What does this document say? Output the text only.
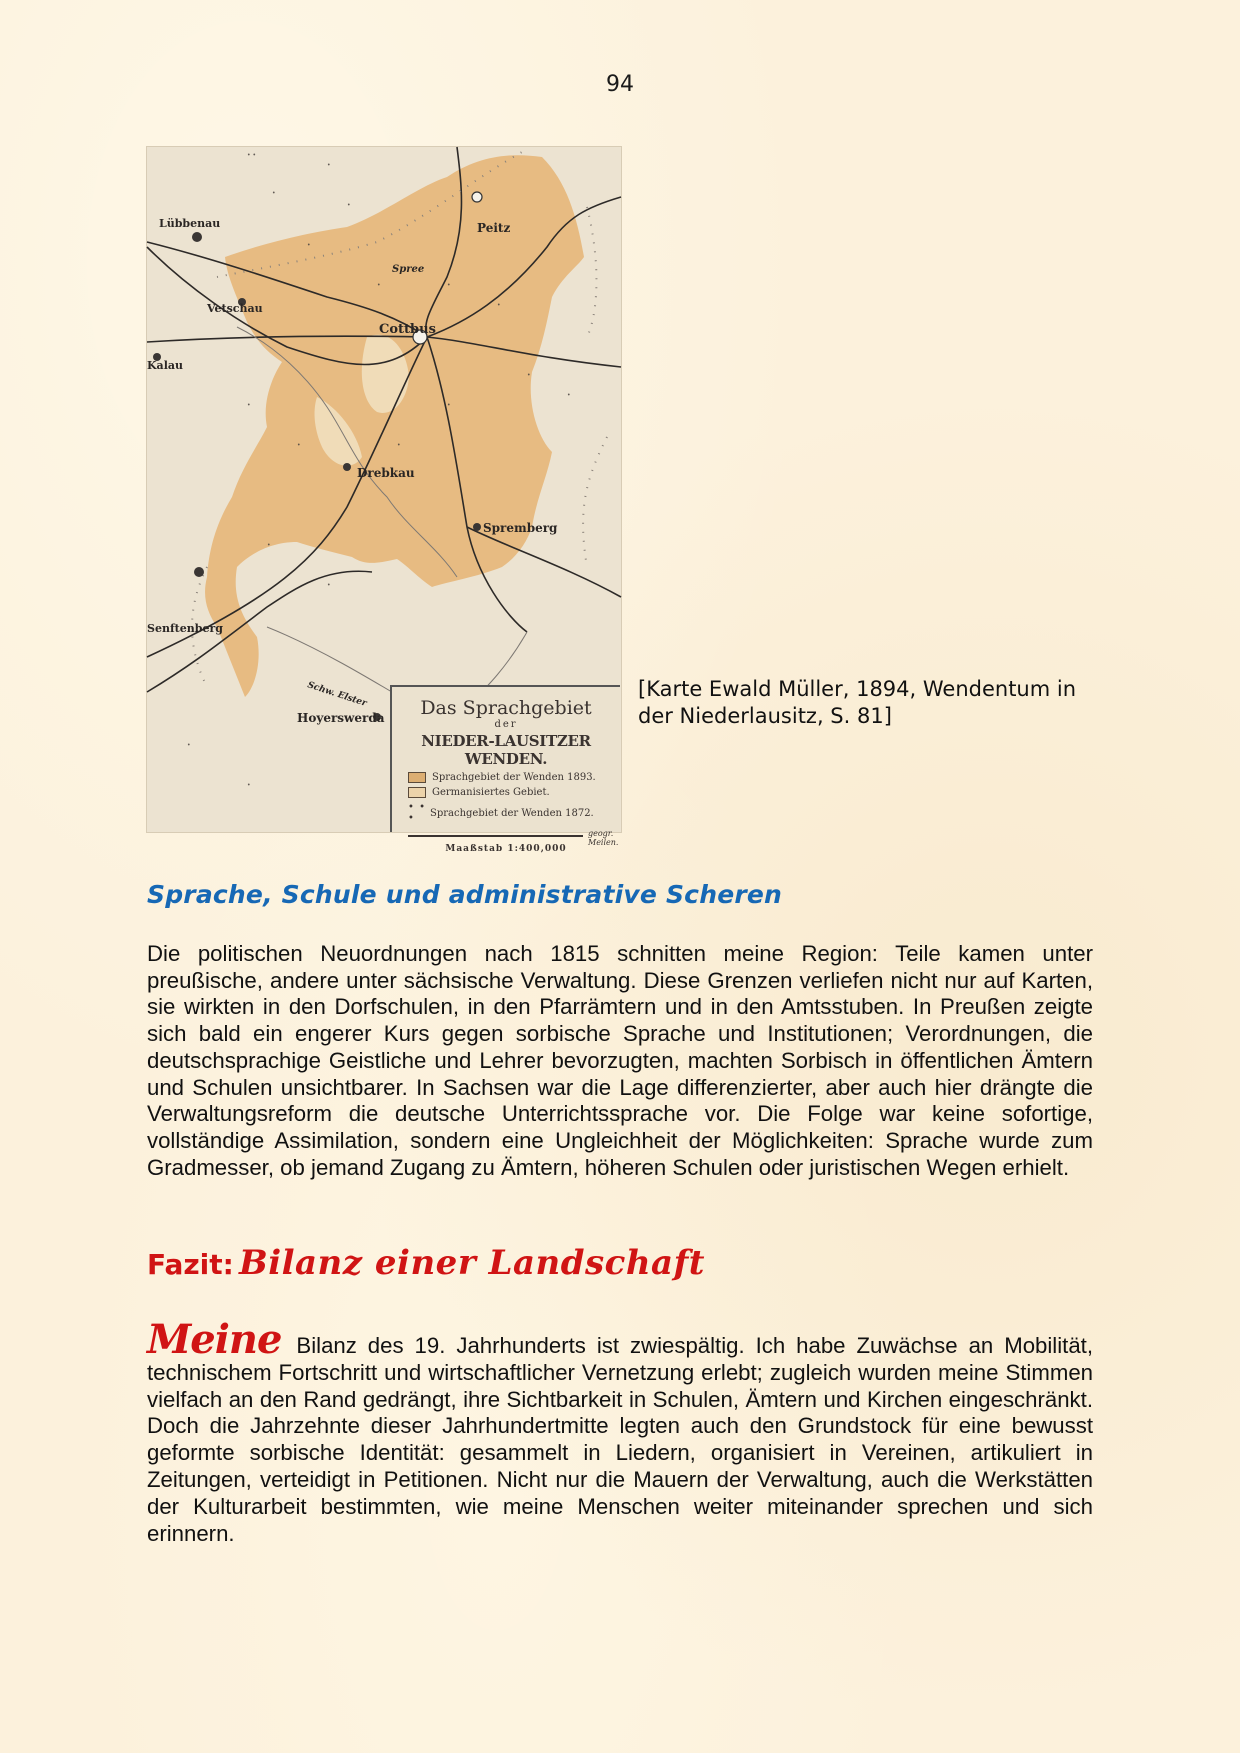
94
Lübbenau
Vetschau
Kalau
Cottbus
Peitz
Drebkau
Spremberg
Senftenberg
Hoyerswerda
Spree
Schw. Elster
• •
•
•
•
•
•	•
•
•
•
•
•	•
•
•
•
•
•
Das Sprachgebiet
der
NIEDER-LAUSITZER WENDEN.
Sprachgebiet der Wenden 1893.
Germanisiertes Gebiet.
• • •	Sprachgebiet der Wenden 1872.
geogr. Meilen.
Maaßstab 1:400,000
[Karte Ewald Müller, 1894, Wendentum in der Niederlausitz, S. 81]
Sprache, Schule und administrative Scheren
Die politischen Neuordnungen nach 1815 schnitten meine Region: Teile kamen unter preußische, andere unter sächsische Verwaltung. Diese Grenzen verliefen nicht nur auf Karten, sie wirkten in den Dorfschulen, in den Pfarrämtern und in den Amtsstuben. In Preußen zeigte sich bald ein engerer Kurs gegen sorbische Sprache und Institutionen; Verordnungen, die deutschsprachige Geistliche und Lehrer bevorzugten, machten Sorbisch in öffentlichen Ämtern und Schulen unsichtbarer. In Sachsen war die Lage differenzierter, aber auch hier drängte die Verwaltungsreform die deutsche Unterrichtssprache vor. Die Folge war keine sofortige, vollständige Assimilation, sondern eine Ungleichheit der Möglichkeiten: Sprache wurde zum Gradmesser, ob jemand Zugang zu Ämtern, höheren Schulen oder juristischen Wegen erhielt.
Fazit: Bilanz einer Landschaft
Meine Bilanz des 19. Jahrhunderts ist zwiespältig. Ich habe Zuwächse an Mobilität, technischem Fortschritt und wirtschaftlicher Vernetzung erlebt; zugleich wurden meine Stimmen vielfach an den Rand gedrängt, ihre Sichtbarkeit in Schulen, Ämtern und Kirchen eingeschränkt. Doch die Jahrzehnte dieser Jahrhundertmitte legten auch den Grundstock für eine bewusst geformte sorbische Identität: gesammelt in Liedern, organisiert in Vereinen, artikuliert in Zeitungen, verteidigt in Petitionen. Nicht nur die Mauern der Verwaltung, auch die Werkstätten der Kulturarbeit bestimmten, wie meine Menschen weiter miteinander sprechen und sich erinnern.
